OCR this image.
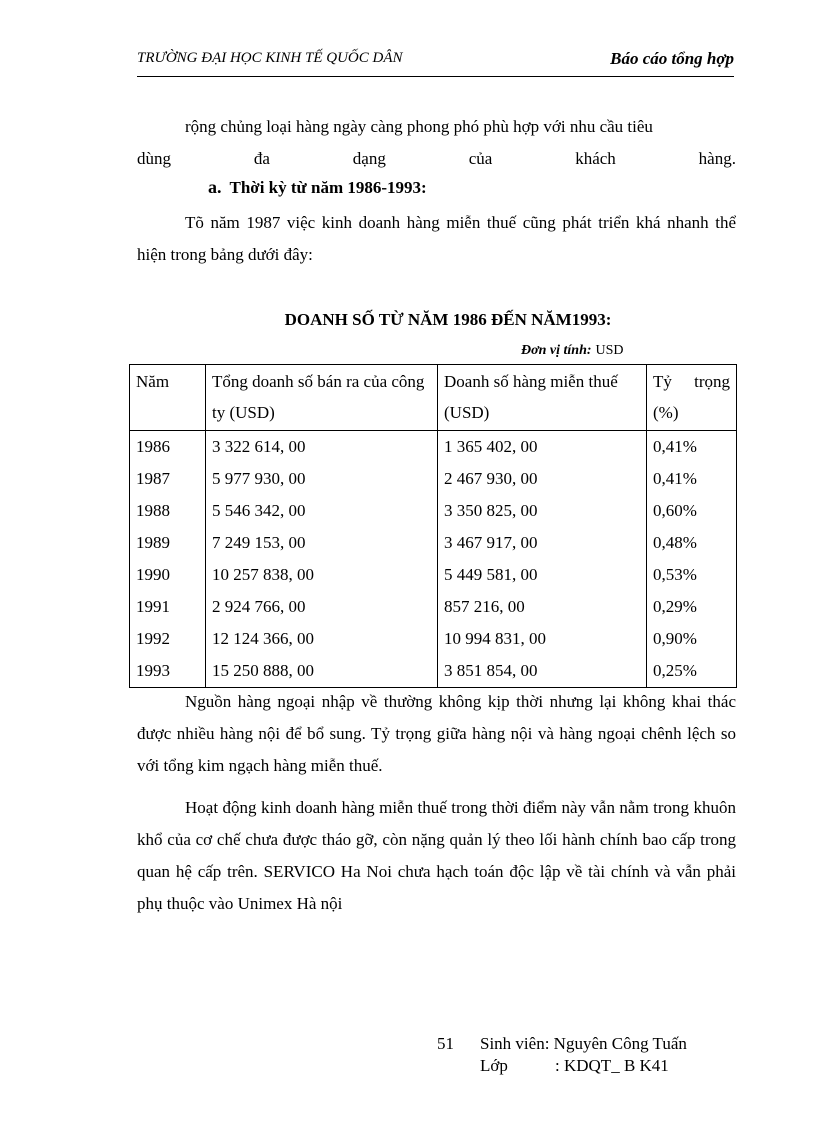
TRƯỜNG ĐẠI HỌC KINH TẾ QUỐC DÂN	Báo cáo tổng hợp
rộng chủng loại hàng ngày càng phong phó phù hợp với nhu cầu tiêu
dùng	đa	dạng	của	khách	hàng.
a. Thời kỳ từ năm 1986-1993:
Tõ năm 1987 việc kinh doanh hàng miễn thuế cũng phát triển khá nhanh thể hiện trong bảng dưới đây:
DOANH SỐ TỪ NĂM 1986 ĐẾN NĂM1993:
Đơn vị tính: USD
Năm	Tổng doanh số bán ra của công ty (USD)	Doanh số hàng miễn thuế (USD)	Tỷ trọng
(%)

1986	3 322 614, 00	1 365 402, 00	0,41%
1987	5 977 930, 00	2 467 930, 00	0,41%
1988	5 546 342, 00	3 350 825, 00	0,60%
1989	7 249 153, 00	3 467 917, 00	0,48%
1990	10 257 838, 00	5 449 581, 00	0,53%
1991	2 924 766, 00	857 216, 00	0,29%
1992	12 124 366, 00	10 994 831, 00	0,90%
1993	15 250 888, 00	3 851 854, 00	0,25%
Nguồn hàng ngoại nhập về thường không kịp thời nhưng lại không khai thác được nhiều hàng nội để bổ sung. Tỷ trọng giữa hàng nội và hàng ngoại chênh lệch so với tổng kim ngạch hàng miễn thuế.
Hoạt động kinh doanh hàng miễn thuế trong thời điểm này vẫn nằm trong khuôn khổ của cơ chế chưa được tháo gỡ, còn nặng quản lý theo lối hành chính bao cấp trong quan hệ cấp trên. SERVICO Ha Noi chưa hạch toán độc lập về tài chính và vẫn phải phụ thuộc vào Unimex Hà nội
51 Sinh viên: Nguyên Công Tuấn
Lớp	: KDQT_ B K41
